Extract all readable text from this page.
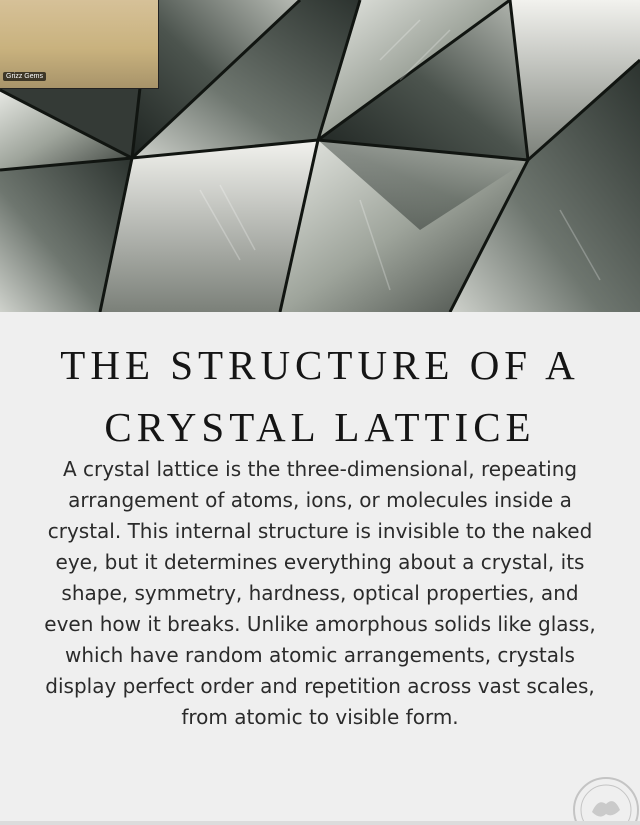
Grizz Gems
THE STRUCTURE OF A
CRYSTAL LATTICE

A crystal lattice is the three-dimensional, repeating arrangement of atoms, ions, or molecules inside a crystal. This internal structure is invisible to the naked eye, but it determines everything about a crystal, its shape, symmetry, hardness, optical properties, and even how it breaks. Unlike amorphous solids like glass, which have random atomic arrangements, crystals display perfect order and repetition across vast scales, from atomic to visible form.
